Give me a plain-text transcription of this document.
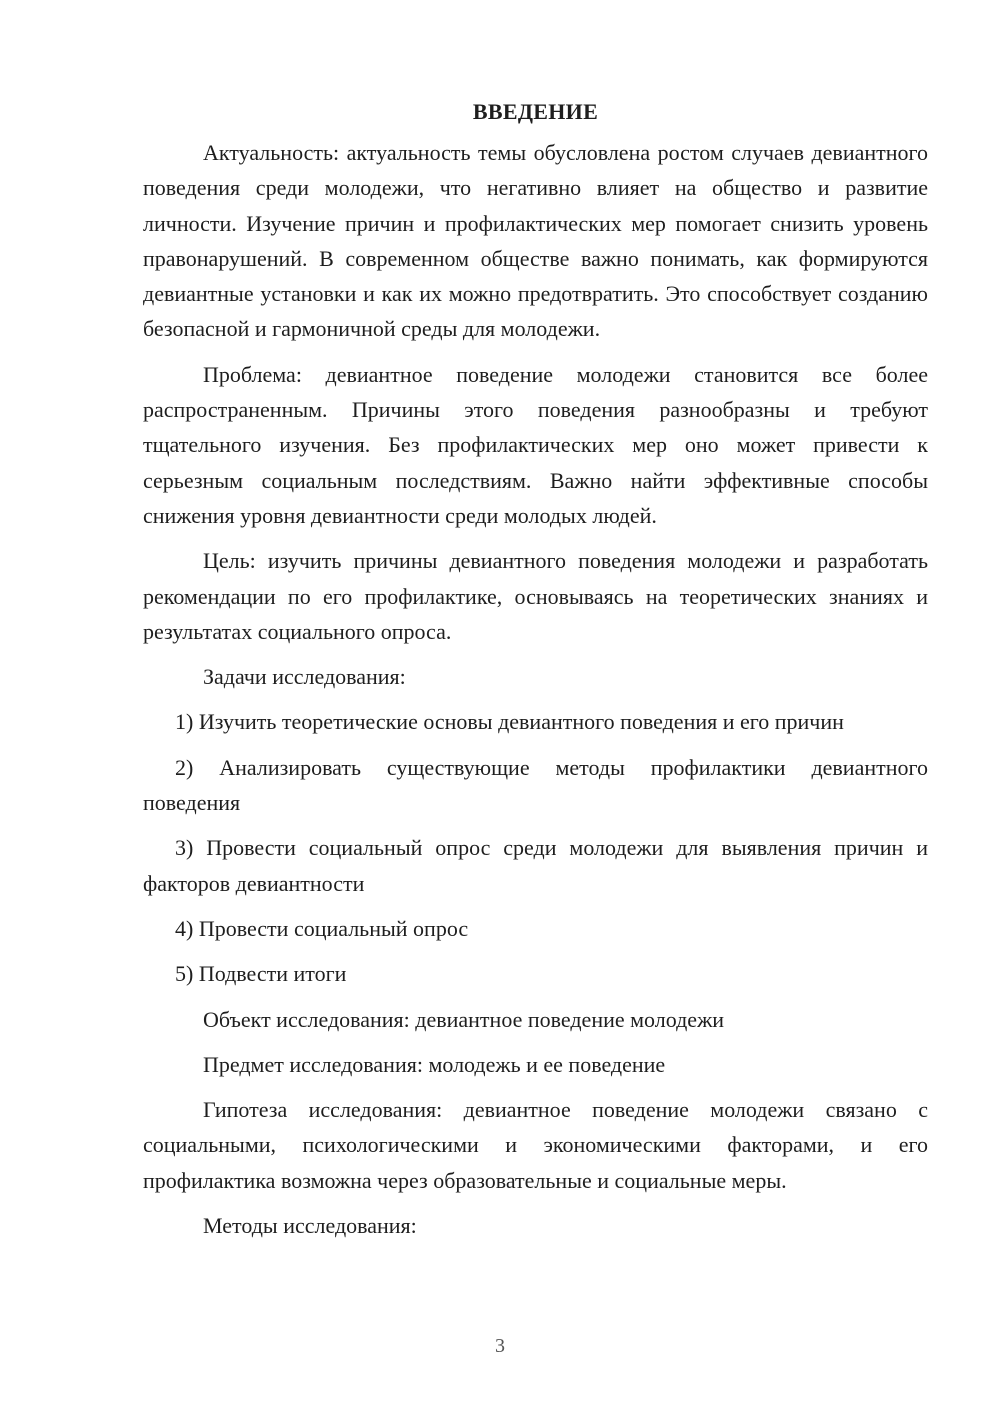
ВВЕДЕНИЕ

Актуальность: актуальность темы обусловлена ростом случаев девиантного поведения среди молодежи, что негативно влияет на общество и развитие личности. Изучение причин и профилактических мер помогает снизить уровень правонарушений. В современном обществе важно понимать, как формируются девиантные установки и как их можно предотвратить. Это способствует созданию безопасной и гармоничной среды для молодежи.

Проблема: девиантное поведение молодежи становится все более распространенным. Причины этого поведения разнообразны и требуют тщательного изучения. Без профилактических мер оно может привести к серьезным социальным последствиям. Важно найти эффективные способы снижения уровня девиантности среди молодых людей.

Цель: изучить причины девиантного поведения молодежи и разработать рекомендации по его профилактике, основываясь на теоретических знаниях и результатах социального опроса.

Задачи исследования:

1) Изучить теоретические основы девиантного поведения и его причин

2) Анализировать существующие методы профилактики девиантного поведения

3) Провести социальный опрос среди молодежи для выявления причин и факторов девиантности

4) Провести социальный опрос

5) Подвести итоги

Объект исследования: девиантное поведение молодежи

Предмет исследования: молодежь и ее поведение

Гипотеза исследования: девиантное поведение молодежи связано с социальными, психологическими и экономическими факторами, и его профилактика возможна через образовательные и социальные меры.

Методы исследования:

3
